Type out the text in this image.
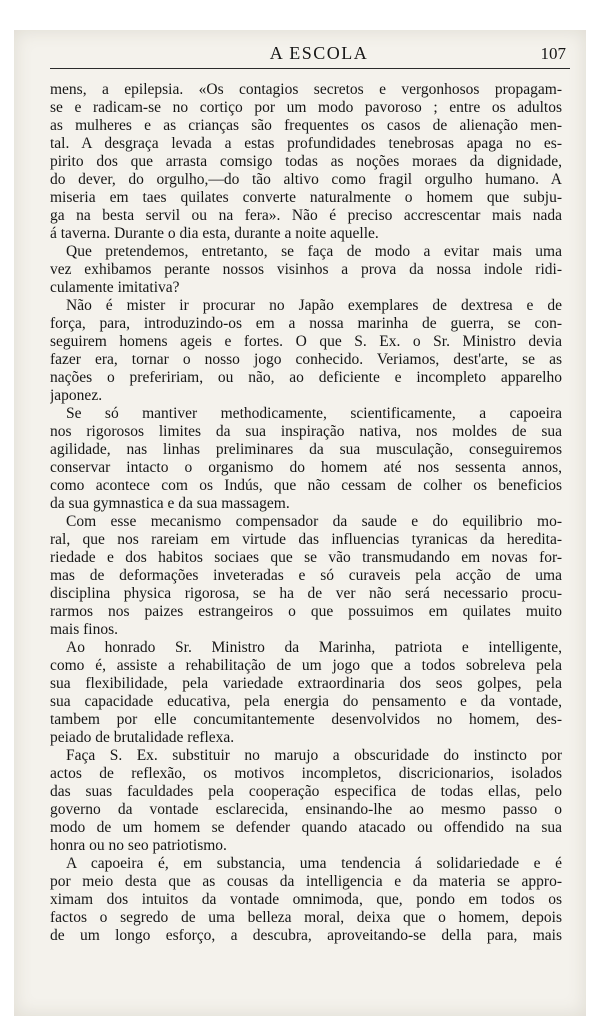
A ESCOLA	107
mens, a epilepsia. «Os contagios secretos e vergonhosos propagam-
se e radicam-se no cortiço por um modo pavoroso ; entre os adultos
as mulheres e as crianças são frequentes os casos de alienação men-
tal. A desgraça levada a estas profundidades tenebrosas apaga no es-
pirito dos que arrasta comsigo todas as noções moraes da dignidade,
do dever, do orgulho,—do tão altivo como fragil orgulho humano. A
miseria em taes quilates converte naturalmente o homem que subju-
ga na besta servil ou na fera». Não é preciso accrescentar mais nada
á taverna. Durante o dia esta, durante a noite aquelle.
Que pretendemos, entretanto, se faça de modo a evitar mais uma
vez exhibamos perante nossos visinhos a prova da nossa indole ridi-
culamente imitativa?
Não é mister ir procurar no Japão exemplares de dextresa e de
força, para, introduzindo-os em a nossa marinha de guerra, se con-
seguirem homens ageis e fortes. O que S. Ex. o Sr. Ministro devia
fazer era, tornar o nosso jogo conhecido. Veriamos, dest'arte, se as
nações o prefeririam, ou não, ao deficiente e incompleto apparelho
japonez.
Se só mantiver methodicamente, scientificamente, a capoeira
nos rigorosos limites da sua inspiração nativa, nos moldes de sua
agilidade, nas linhas preliminares da sua musculação, conseguiremos
conservar intacto o organismo do homem até nos sessenta annos,
como acontece com os Indús, que não cessam de colher os beneficios
da sua gymnastica e da sua massagem.
Com esse mecanismo compensador da saude e do equilibrio mo-
ral, que nos rareiam em virtude das influencias tyranicas da heredita-
riedade e dos habitos sociaes que se vão transmudando em novas for-
mas de deformações inveteradas e só curaveis pela acção de uma
disciplina physica rigorosa, se ha de ver não será necessario procu-
rarmos nos paizes estrangeiros o que possuimos em quilates muito
mais finos.
Ao honrado Sr. Ministro da Marinha, patriota e intelligente,
como é, assiste a rehabilitação de um jogo que a todos sobreleva pela
sua flexibilidade, pela variedade extraordinaria dos seos golpes, pela
sua capacidade educativa, pela energia do pensamento e da vontade,
tambem por elle concumitantemente desenvolvidos no homem, des-
peiado de brutalidade reflexa.
Faça S. Ex. substituir no marujo a obscuridade do instincto por
actos de reflexão, os motivos incompletos, discricionarios, isolados
das suas faculdades pela cooperação especifica de todas ellas, pelo
governo da vontade esclarecida, ensinando-lhe ao mesmo passo o
modo de um homem se defender quando atacado ou offendido na sua
honra ou no seo patriotismo.
A capoeira é, em substancia, uma tendencia á solidariedade e é
por meio desta que as cousas da intelligencia e da materia se appro-
ximam dos intuitos da vontade omnimoda, que, pondo em todos os
factos o segredo de uma belleza moral, deixa que o homem, depois
de um longo esforço, a descubra, aproveitando-se della para, mais
